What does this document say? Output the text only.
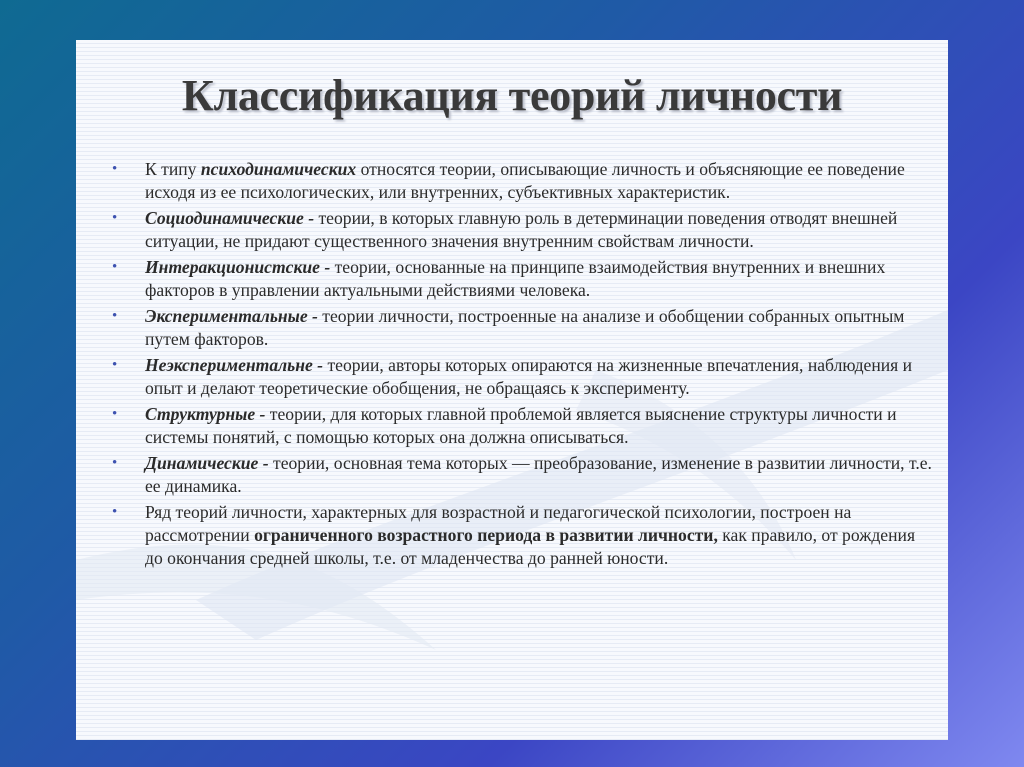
Классификация теорий личности
• К типу психодинамических относятся теории, описывающие личность и объясняющие ее поведение исходя из ее психологических, или внутренних, субъективных характеристик.
• Социодинамические - теории, в которых главную роль в детерминации поведения отводят внешней ситуации, не придают существенного значения внутренним свойствам личности.
• Интеракционистские - теории, основанные на принципе взаимодействия внутренних и внешних факторов в управлении актуальными действиями человека.
• Экспериментальные - теории личности, построенные на анализе и обобщении собранных опытным путем факторов.
• Неэкспериментальне - теории, авторы которых опираются на жизненные впечатления, наблюдения и опыт и делают теоретические обобщения, не обращаясь к эксперименту.
• Структурные - теории, для которых главной проблемой является выяснение структуры личности и системы понятий, с помощью которых она должна описываться.
• Динамические - теории, основная тема которых — преобразование, изменение в развитии личности, т.е. ее динамика.
• Ряд теорий личности, характерных для возрастной и педагогической психологии, построен на рассмотрении ограниченного возрастного периода в развитии личности, как правило, от рождения до окончания средней школы, т.е. от младенчества до ранней юности.
